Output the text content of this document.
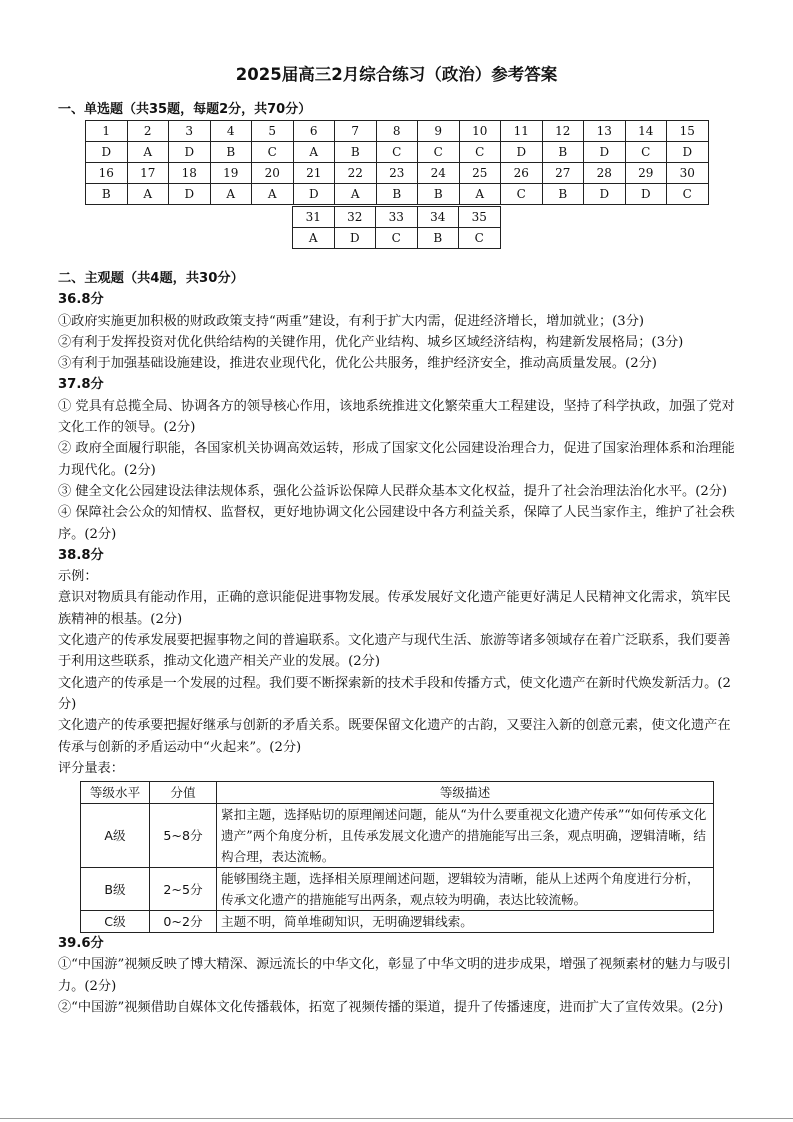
2025届高三2月综合练习（政治）参考答案
一、单选题（共35题，每题2分，共70分）
1	2	3	4	5	6	7	8	9	10	11	12	13	14	15
D	A	D	B	C	A	B	C	C	C	D	B	D	C	D
16	17	18	19	20	21	22	23	24	25	26	27	28	29	30
B	A	D	A	A	D	A	B	B	A	C	B	D	D	C
31	32	33	34	35
A	D	C	B	C

二、主观题（共4题，共30分）

36.8分

①政府实施更加积极的财政政策支持“两重”建设，有利于扩大内需，促进经济增长，增加就业；(3分)

②有利于发挥投资对优化供给结构的关键作用，优化产业结构、城乡区域经济结构，构建新发展格局；(3分)

③有利于加强基础设施建设，推进农业现代化，优化公共服务，维护经济安全，推动高质量发展。(2分)

37.8分

① 党具有总揽全局、协调各方的领导核心作用，该地系统推进文化繁荣重大工程建设，坚持了科学执政，加强了党对文化工作的领导。(2分)

② 政府全面履行职能，各国家机关协调高效运转，形成了国家文化公园建设治理合力，促进了国家治理体系和治理能力现代化。(2分)

③ 健全文化公园建设法律法规体系，强化公益诉讼保障人民群众基本文化权益，提升了社会治理法治化水平。(2分)

④ 保障社会公众的知情权、监督权，更好地协调文化公园建设中各方利益关系，保障了人民当家作主，维护了社会秩序。(2分)

38.8分

示例：

意识对物质具有能动作用，正确的意识能促进事物发展。传承发展好文化遗产能更好满足人民精神文化需求，筑牢民族精神的根基。(2分)

文化遗产的传承发展要把握事物之间的普遍联系。文化遗产与现代生活、旅游等诸多领域存在着广泛联系，我们要善于利用这些联系，推动文化遗产相关产业的发展。(2分)

文化遗产的传承是一个发展的过程。我们要不断探索新的技术手段和传播方式，使文化遗产在新时代焕发新活力。(2分)

文化遗产的传承要把握好继承与创新的矛盾关系。既要保留文化遗产的古韵，又要注入新的创意元素，使文化遗产在传承与创新的矛盾运动中“火起来”。(2分)

评分量表：

等级水平	分值	等级描述
A级	5~8分	紧扣主题，选择贴切的原理阐述问题，能从“为什么要重视文化遗产传承”“如何传承文化遗产”两个角度分析，且传承发展文化遗产的措施能写出三条，观点明确，逻辑清晰，结构合理，表达流畅。
B级	2~5分	能够围绕主题，选择相关原理阐述问题，逻辑较为清晰，能从上述两个角度进行分析，传承文化遗产的措施能写出两条，观点较为明确，表达比较流畅。
C级	0~2分	主题不明，简单堆砌知识，无明确逻辑线索。

39.6分

①“中国游”视频反映了博大精深、源远流长的中华文化，彰显了中华文明的进步成果，增强了视频素材的魅力与吸引力。(2分)

②“中国游”视频借助自媒体文化传播载体，拓宽了视频传播的渠道，提升了传播速度，进而扩大了宣传效果。(2分)
